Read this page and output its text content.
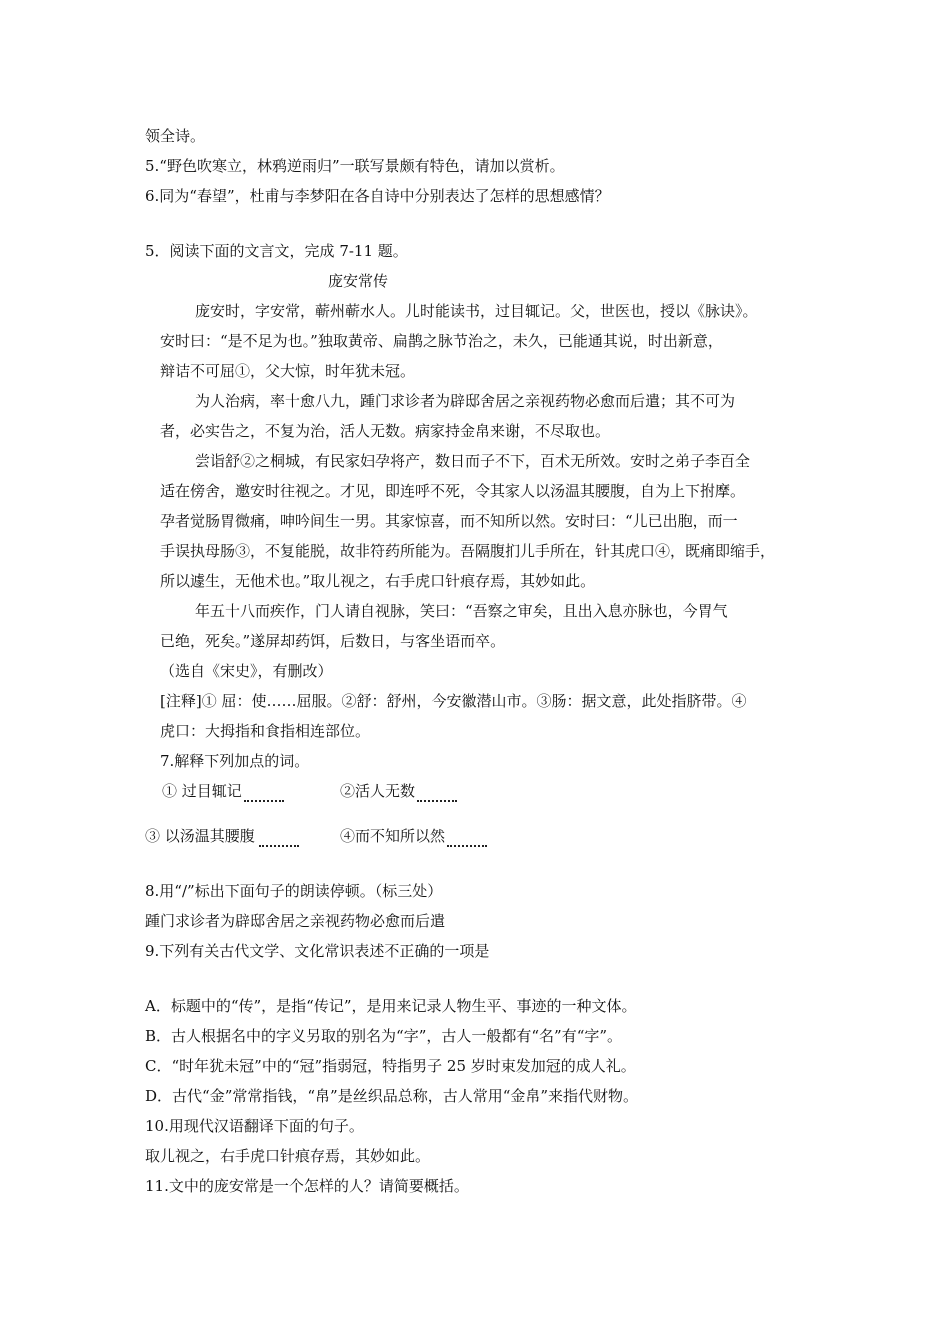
领全诗。
5.“野色吹寒立，林鸦逆雨归”一联写景颇有特色，请加以赏析。
6.同为“春望”，杜甫与李梦阳在各自诗中分别表达了怎样的思想感情？
5．阅读下面的文言文，完成 7-11 题。
庞安常传
庞安时，字安常，蕲州蕲水人。儿时能读书，过目辄记。父，世医也，授以《脉诀》。
安时曰：“是不足为也。”独取黄帝、扁鹊之脉节治之，未久，已能通其说，时出新意，
辩诘不可屈①，父大惊，时年犹未冠。
为人治病，率十愈八九，踵门求诊者为辟邸舍居之亲视药物必愈而后遣；其不可为
者，必实告之，不复为治，活人无数。病家持金帛来谢，不尽取也。
尝诣舒②之桐城，有民家妇孕将产，数日而子不下，百术无所效。安时之弟子李百全
适在傍舍，邀安时往视之。才见，即连呼不死，令其家人以汤温其腰腹，自为上下拊摩。
孕者觉肠胃微痛，呻吟间生一男。其家惊喜，而不知所以然。安时曰：“儿已出胞，而一
手误执母肠③，不复能脱，故非符药所能为。吾隔腹扪儿手所在，针其虎口④，既痛即缩手，
所以遽生，无他术也。”取儿视之，右手虎口针痕存焉，其妙如此。
年五十八而疾作，门人请自视脉，笑曰：“吾察之审矣，且出入息亦脉也，今胃气
已绝，死矣。”遂屏却药饵，后数日，与客坐语而卒。
（选自《宋史》，有删改）
[注释]① 屈：使……屈服。②舒：舒州，今安徽潜山市。③肠：据文意，此处指脐带。④
虎口：大拇指和食指相连部位。
7.解释下列加点的词。
① 过目辄记	②活人无数
③ 以汤温其腰腹	④而不知所以然
8.用“/”标出下面句子的朗读停顿。（标三处）
踵门求诊者为辟邸舍居之亲视药物必愈而后遣
9.下列有关古代文学、文化常识表述不正确的一项是
A．标题中的“传”，是指“传记”，是用来记录人物生平、事迹的一种文体。
B．古人根据名中的字义另取的别名为“字”，古人一般都有“名”有“字”。
C．“时年犹未冠”中的“冠”指弱冠，特指男子 25 岁时束发加冠的成人礼。
D．古代“金”常常指钱，“帛”是丝织品总称，古人常用“金帛”来指代财物。
10.用现代汉语翻译下面的句子。
取儿视之，右手虎口针痕存焉，其妙如此。
11.文中的庞安常是一个怎样的人？请简要概括。
